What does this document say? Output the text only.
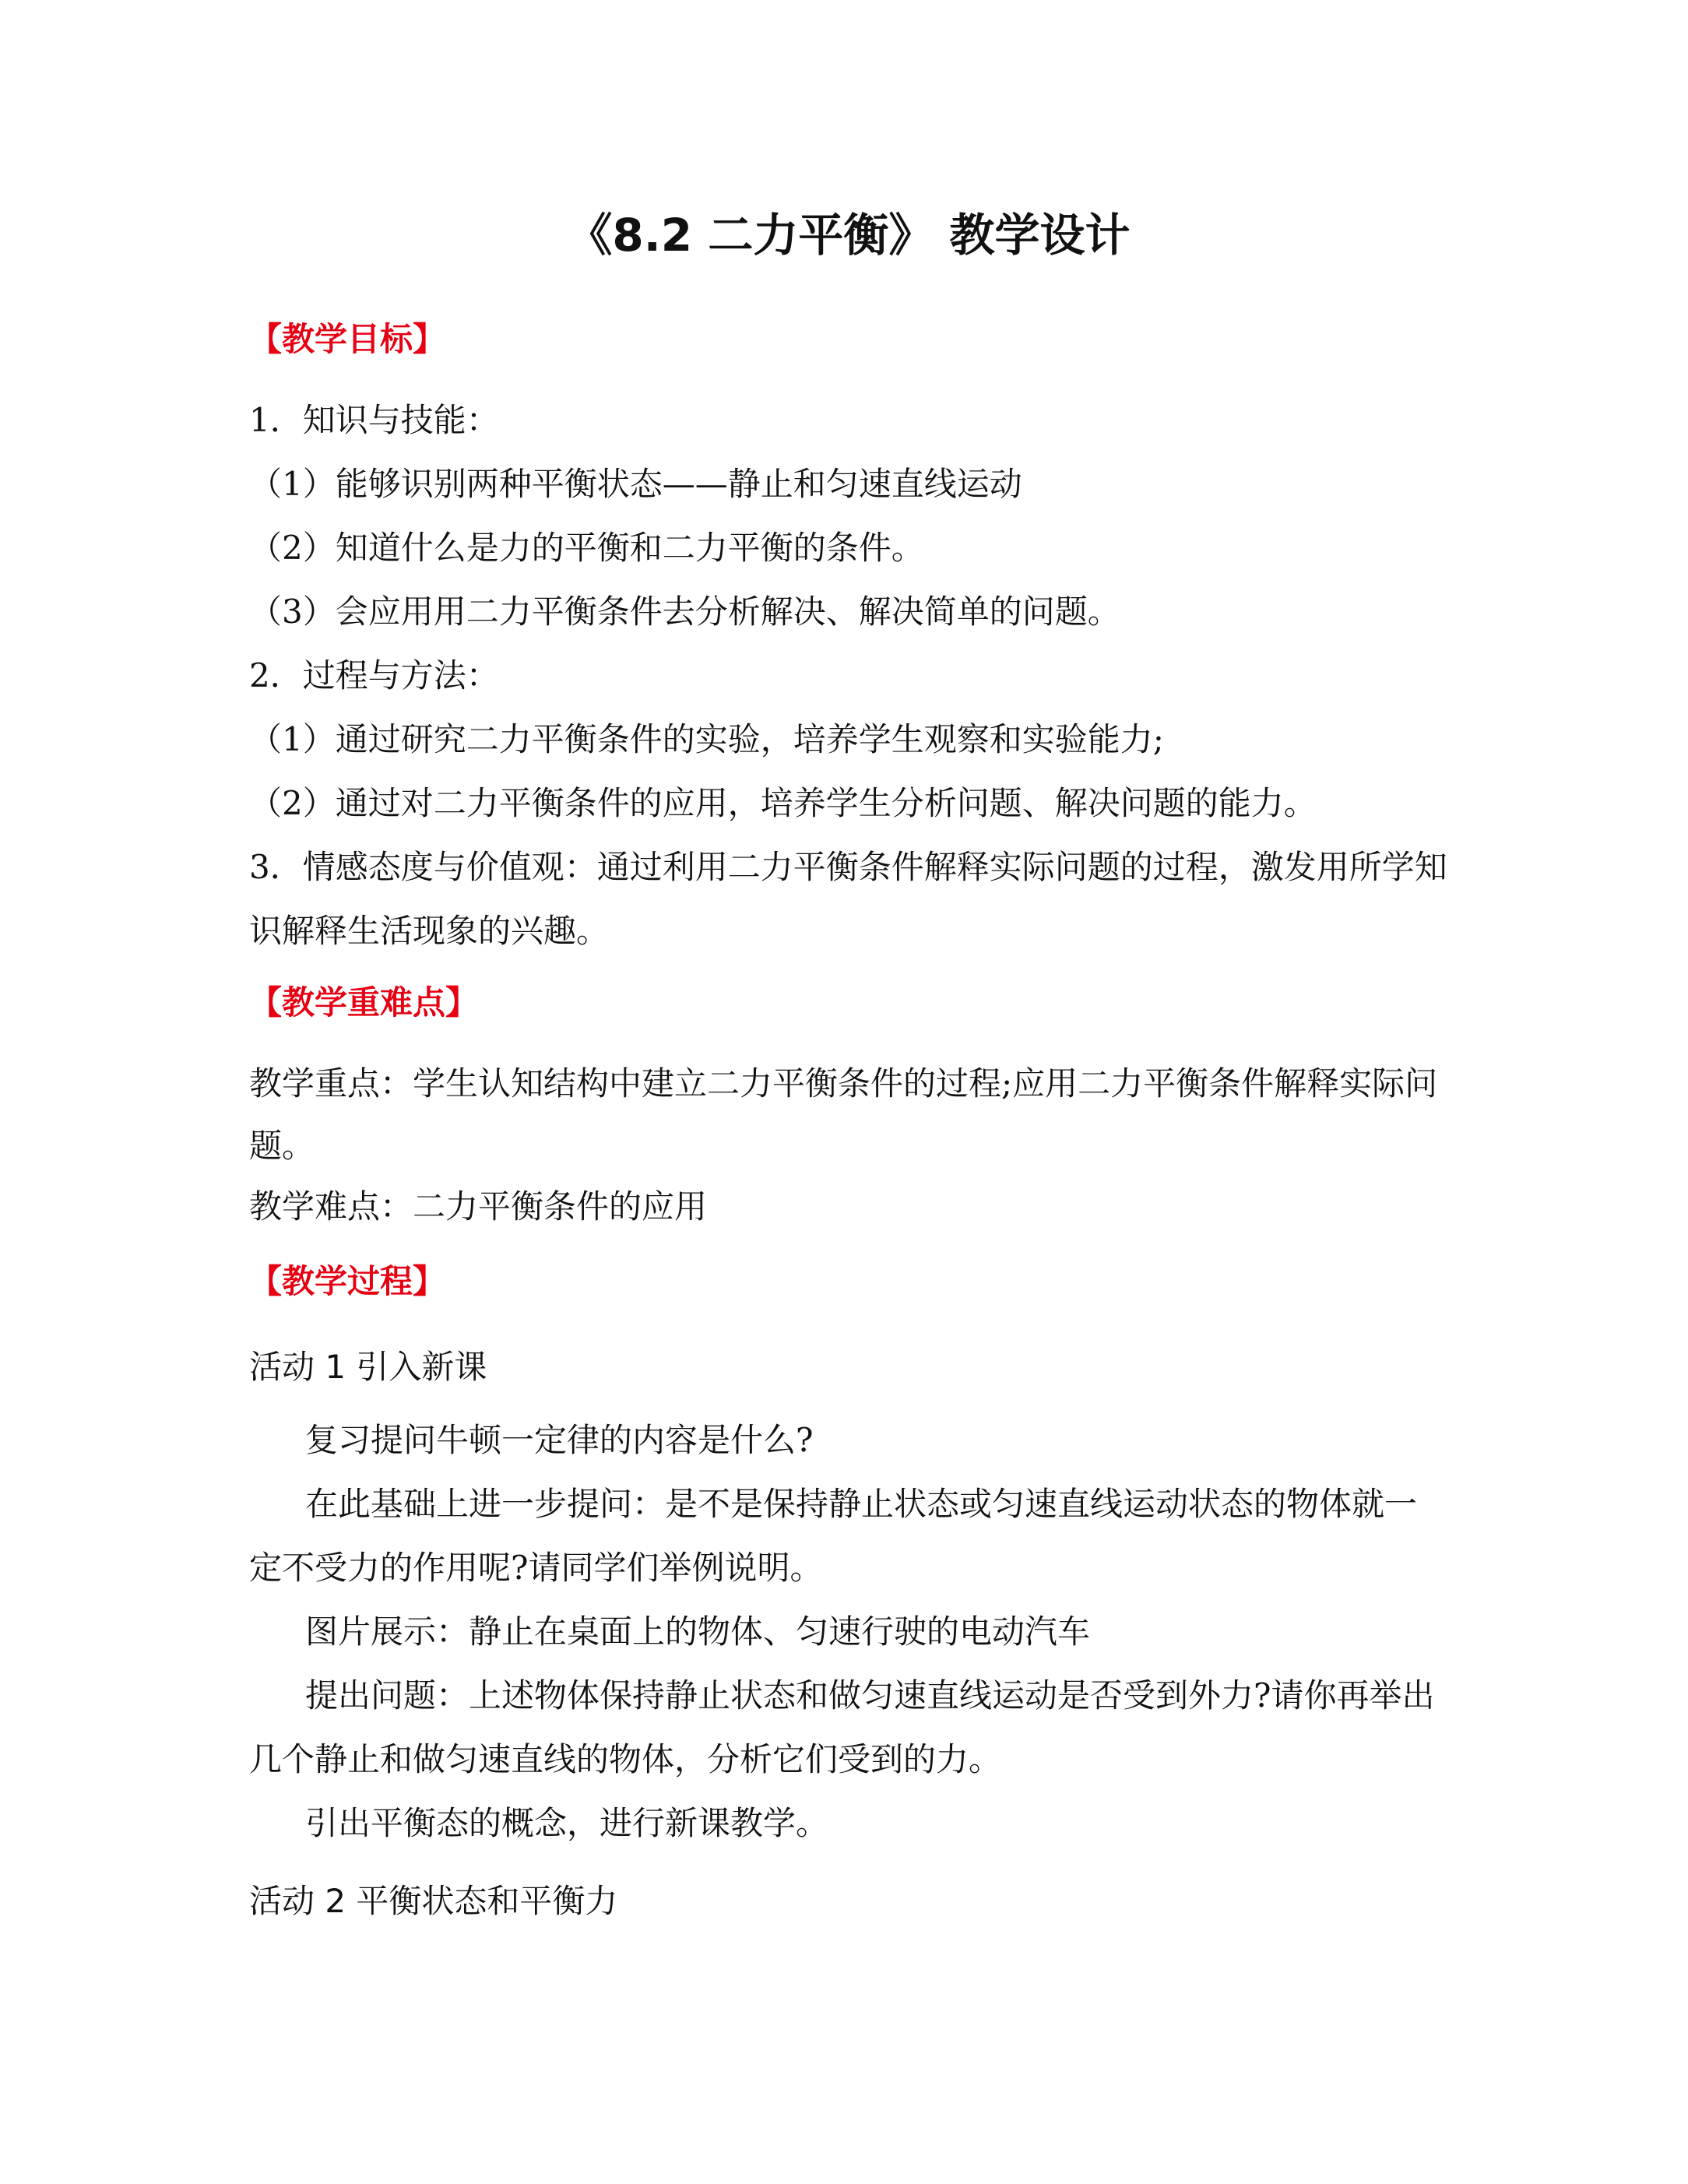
《8.2 二力平衡》 教学设计
【教学目标】
1．知识与技能：
（1）能够识别两种平衡状态——静止和匀速直线运动
（2）知道什么是力的平衡和二力平衡的条件。
（3）会应用用二力平衡条件去分析解决、解决简单的问题。
2．过程与方法：
（1）通过研究二力平衡条件的实验，培养学生观察和实验能力;
（2）通过对二力平衡条件的应用，培养学生分析问题、解决问题的能力。
3．情感态度与价值观：通过利用二力平衡条件解释实际问题的过程，激发用所学知
识解释生活现象的兴趣。
【教学重难点】
教学重点：学生认知结构中建立二力平衡条件的过程;应用二力平衡条件解释实际问
题。
教学难点：二力平衡条件的应用
【教学过程】
活动 1 引入新课
复习提问牛顿一定律的内容是什么?
在此基础上进一步提问：是不是保持静止状态或匀速直线运动状态的物体就一
定不受力的作用呢?请同学们举例说明。
图片展示：静止在桌面上的物体、匀速行驶的电动汽车
提出问题：上述物体保持静止状态和做匀速直线运动是否受到外力?请你再举出
几个静止和做匀速直线的物体，分析它们受到的力。
引出平衡态的概念，进行新课教学。
活动 2 平衡状态和平衡力
